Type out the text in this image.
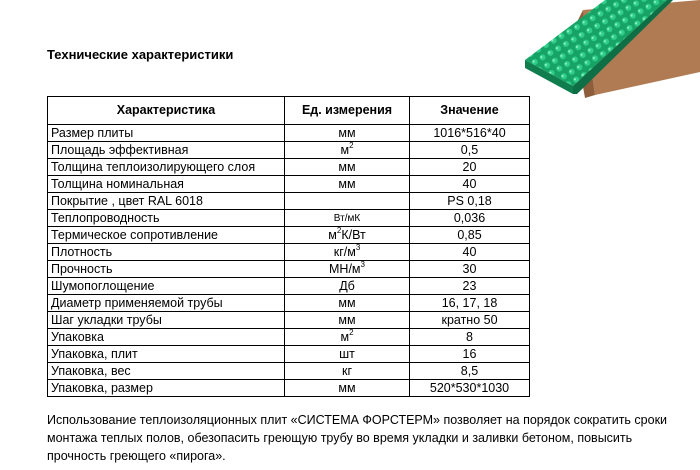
Технические характеристики
Характеристика	Ед. измерения	Значение
Размер плиты	мм	1016*516*40
Площадь эффективная	$м^2$	0,5
Толщина теплоизолирующего слоя	мм	20
Толщина номинальная	мм	40
Покрытие , цвет RAL 6018		PS 0,18
Теплопроводность	Вт/мК	0,036
Термическое сопротивление	$м^2К/Вт$	0,85
Плотность	$кг/м^3$	40
Прочность	$МН/м^3$	30
Шумопоглощение	Дб	23
Диаметр применяемой трубы	мм	16, 17, 18
Шаг укладки трубы	мм	кратно 50
Упаковка	$м^2$	8
Упаковка, плит	шт	16
Упаковка, вес	кг	8,5
Упаковка, размер	мм	520*530*1030
Использование теплоизоляционных плит «СИСТЕМА ФОРСТЕРМ» позволяет на порядок сократить сроки монтажа теплых полов, обезопасить греющую трубу во время укладки и заливки бетоном, повысить прочность греющего «пирога».
